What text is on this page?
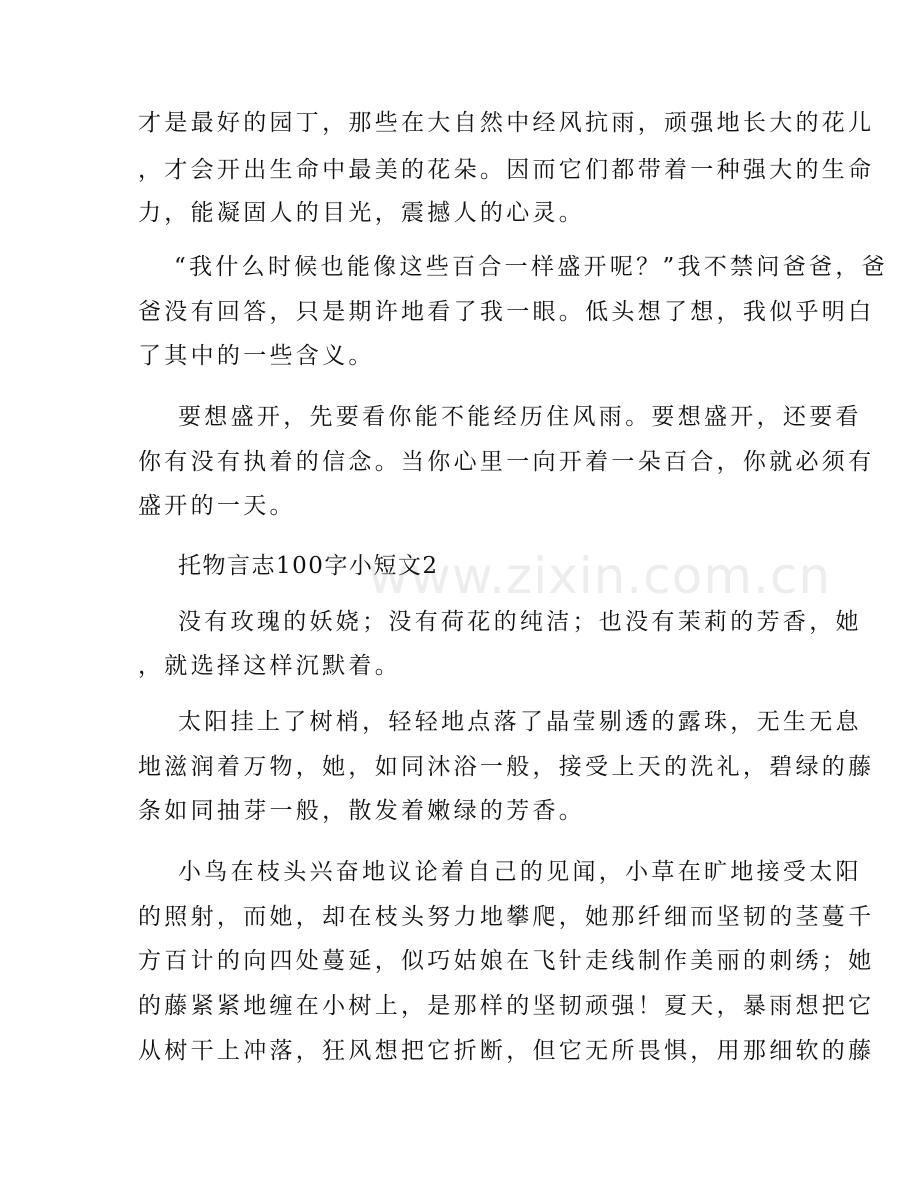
www.zixin.com.cn
才是最好的园丁，那些在大自然中经风抗雨，顽强地长大的花儿
，才会开出生命中最美的花朵。因而它们都带着一种强大的生命
力，能凝固人的目光，震撼人的心灵。
“我什么时候也能像这些百合一样盛开呢？”我不禁问爸爸，爸
爸没有回答，只是期许地看了我一眼。低头想了想，我似乎明白
了其中的一些含义。
要想盛开，先要看你能不能经历住风雨。要想盛开，还要看
你有没有执着的信念。当你心里一向开着一朵百合，你就必须有
盛开的一天。
托物言志100字小短文2
没有玫瑰的妖娆；没有荷花的纯洁；也没有茉莉的芳香，她
，就选择这样沉默着。
太阳挂上了树梢，轻轻地点落了晶莹剔透的露珠，无生无息
地滋润着万物，她，如同沐浴一般，接受上天的洗礼，碧绿的藤
条如同抽芽一般，散发着嫩绿的芳香。
小鸟在枝头兴奋地议论着自己的见闻，小草在旷地接受太阳
的照射，而她，却在枝头努力地攀爬，她那纤细而坚韧的茎蔓千
方百计的向四处蔓延，似巧姑娘在飞针走线制作美丽的刺绣；她
的藤紧紧地缠在小树上，是那样的坚韧顽强！夏天，暴雨想把它
从树干上冲落，狂风想把它折断，但它无所畏惧，用那细软的藤
